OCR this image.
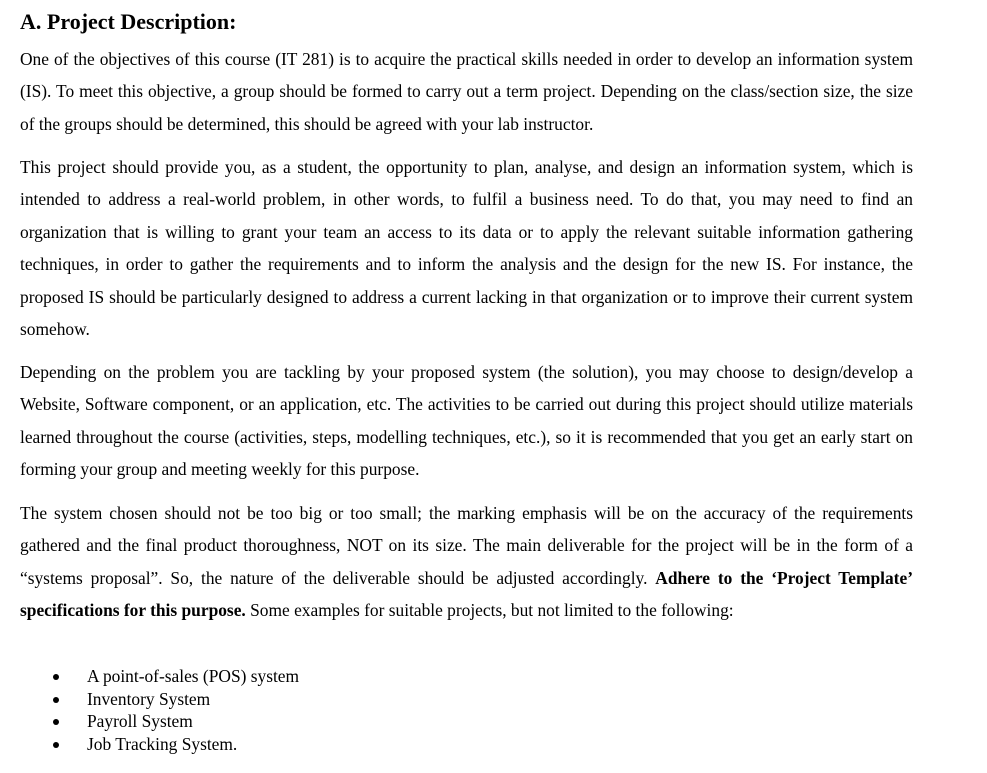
A. Project Description:

One of the objectives of this course (IT 281) is to acquire the practical skills needed in order to develop an information system (IS). To meet this objective, a group should be formed to carry out a term project. Depending on the class/section size, the size of the groups should be determined, this should be agreed with your lab instructor.

This project should provide you, as a student, the opportunity to plan, analyse, and design an information system, which is intended to address a real-world problem, in other words, to fulfil a business need. To do that, you may need to find an organization that is willing to grant your team an access to its data or to apply the relevant suitable information gathering techniques, in order to gather the requirements and to inform the analysis and the design for the new IS. For instance, the proposed IS should be particularly designed to address a current lacking in that organization or to improve their current system somehow.

Depending on the problem you are tackling by your proposed system (the solution), you may choose to design/develop a Website, Software component, or an application, etc. The activities to be carried out during this project should utilize materials learned throughout the course (activities, steps, modelling techniques, etc.), so it is recommended that you get an early start on forming your group and meeting weekly for this purpose.

The system chosen should not be too big or too small; the marking emphasis will be on the accuracy of the requirements gathered and the final product thoroughness, NOT on its size. The main deliverable for the project will be in the form of a “systems proposal”. So, the nature of the deliverable should be adjusted accordingly. Adhere to the ‘Project Template’ specifications for this purpose. Some examples for suitable projects, but not limited to the following:

A point-of-sales (POS) system
Inventory System
Payroll System
Job Tracking System.
